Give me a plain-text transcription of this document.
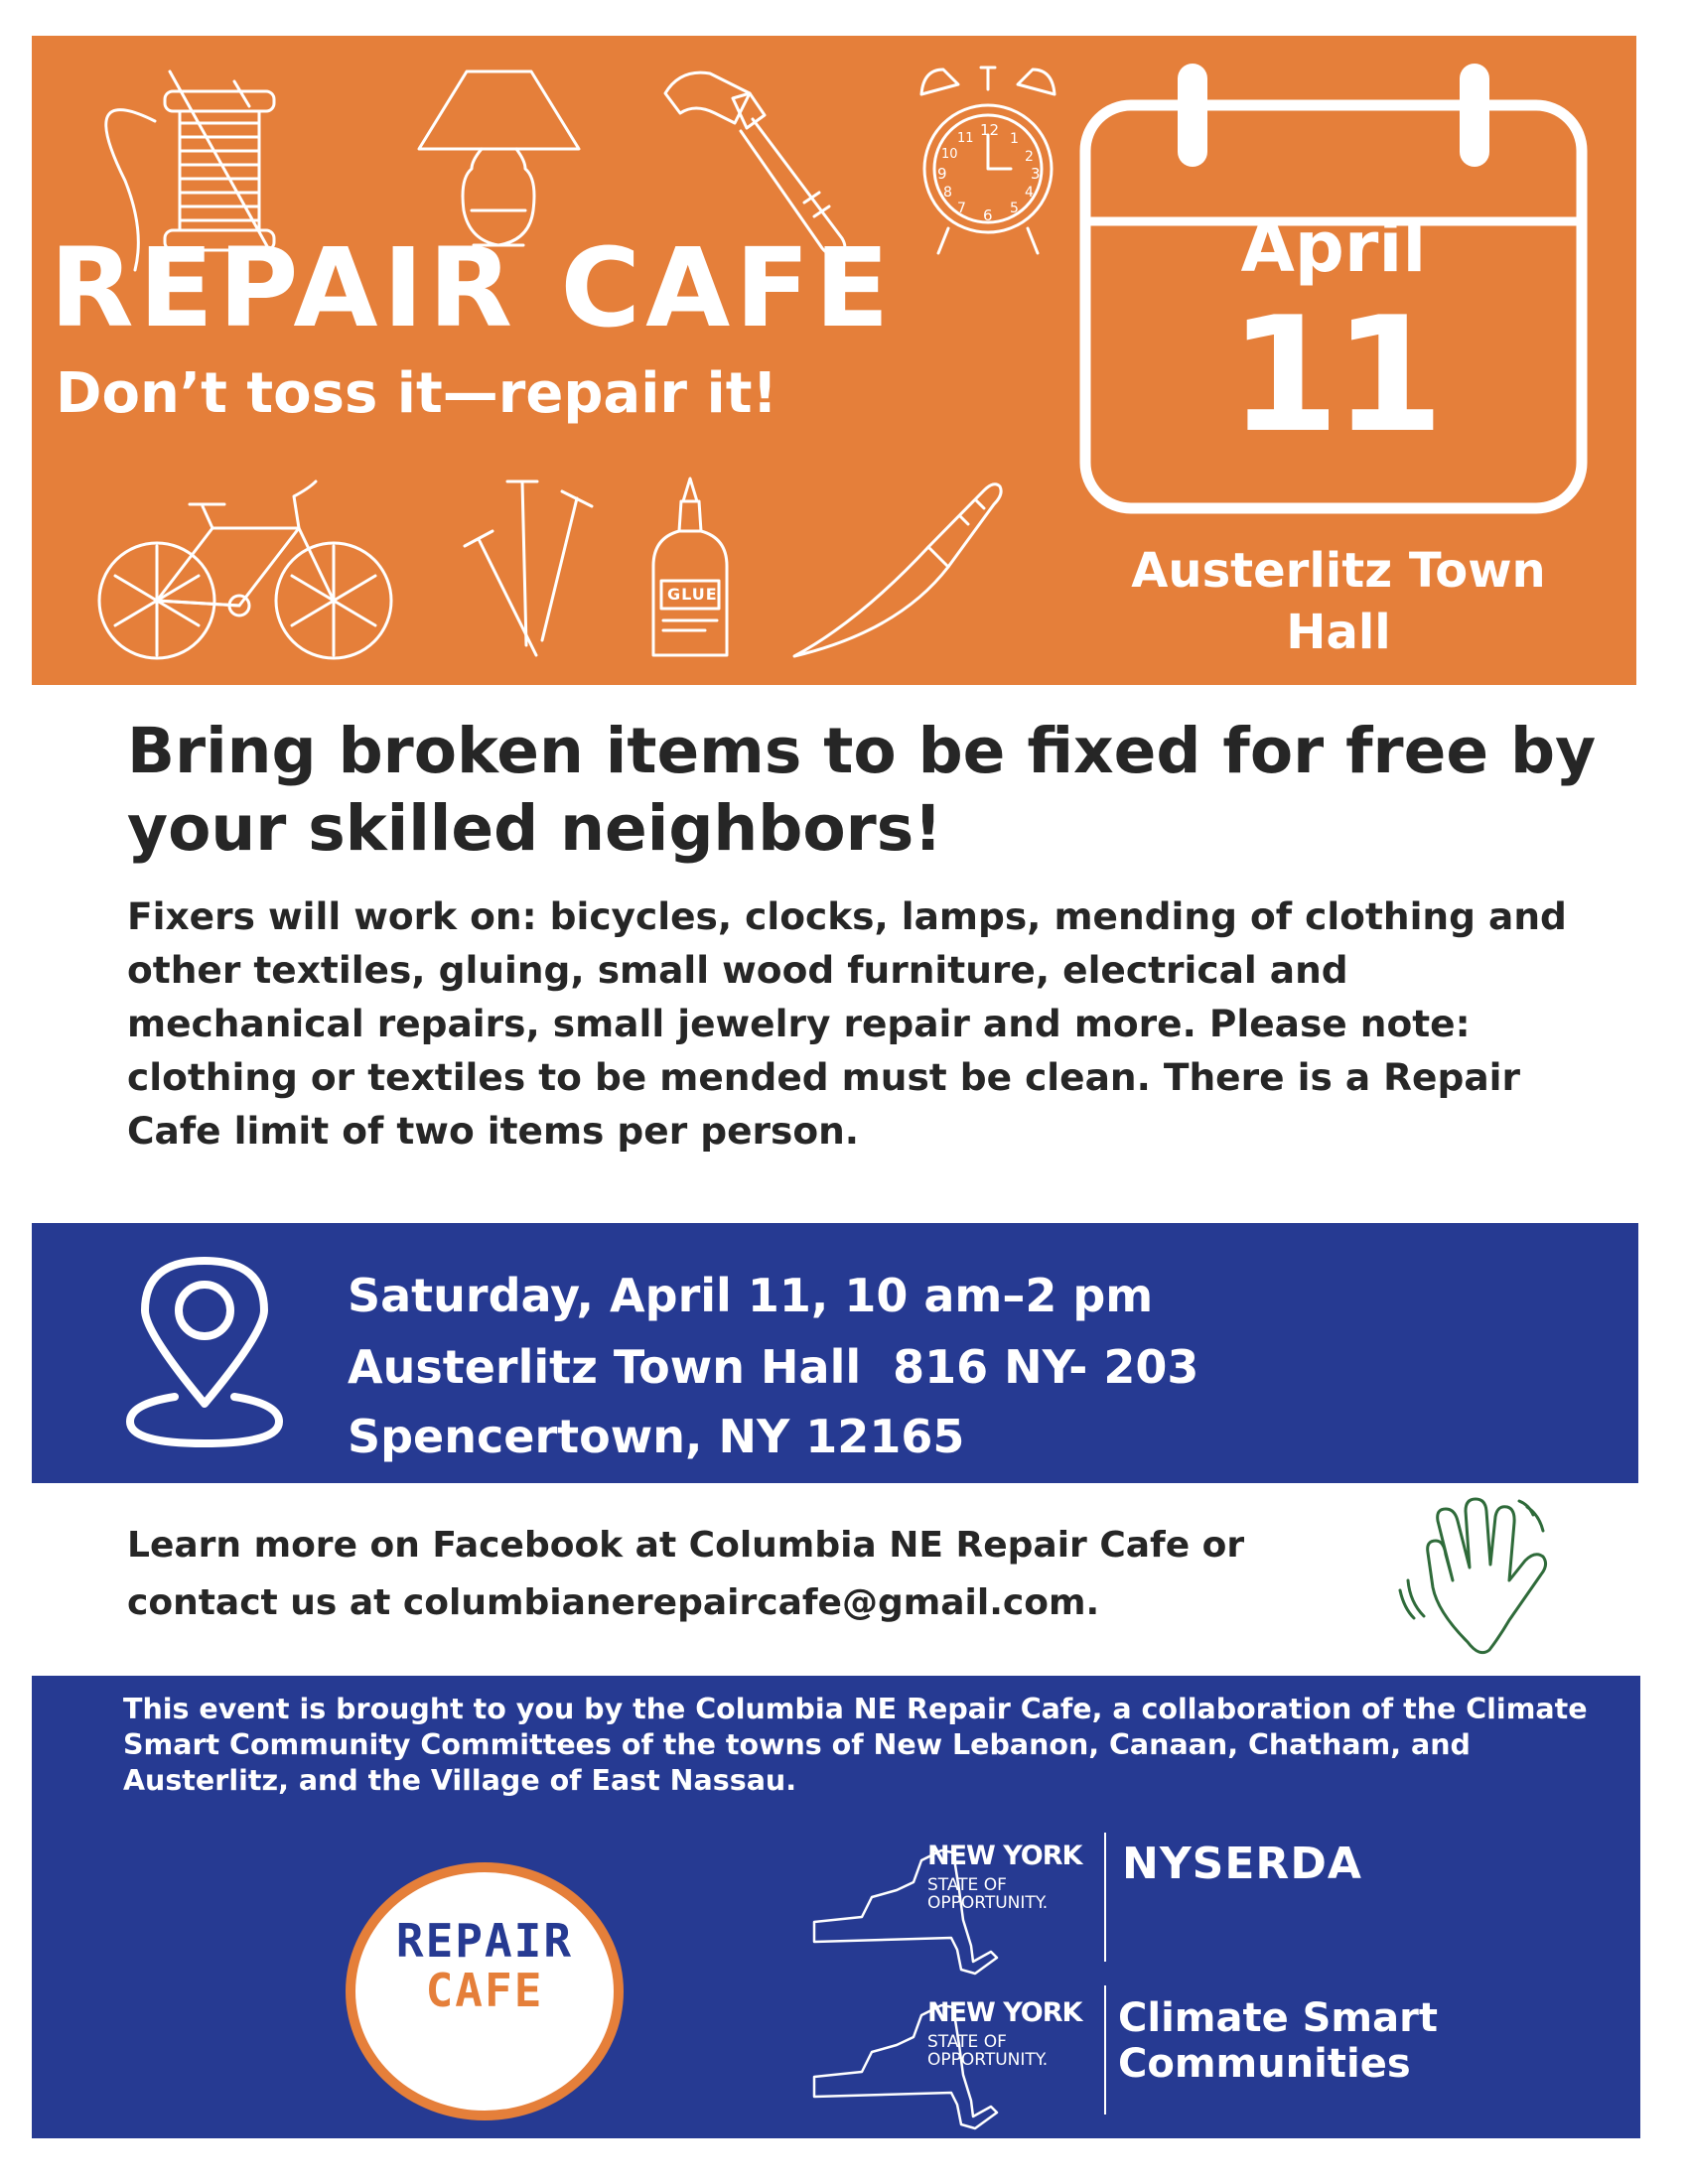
12 1
2
3
4
5
6
7
8
9
10
11
GLUE
REPAIR CAFE
Don’t toss it—repair it!
April
11
Austerlitz Town Hall
Bring broken items to be fixed for free by your skilled neighbors!
Fixers will work on: bicycles, clocks, lamps, mending of clothing and other textiles, gluing, small wood furniture, electrical and mechanical repairs, small jewelry repair and more. Please note: clothing or textiles to be mended must be clean. There is a Repair Cafe limit of two items per person.
Saturday, April 11, 10 am–2 pm
Austerlitz Town Hall  816 NY- 203
Spencertown, NY 12165
Learn more on Facebook at Columbia NE Repair Cafe or contact us at columbianerepaircafe@gmail.com.
This event is brought to you by the Columbia NE Repair Cafe, a collaboration of the Climate Smart Community Committees of the towns of New Lebanon, Canaan, Chatham, and Austerlitz, and the Village of East Nassau.
REPAIR
CAFE
NEW YORK
STATE OF
OPPORTUNITY.
NYSERDA
NEW YORK
STATE OF
OPPORTUNITY.
Climate Smart
Communities
